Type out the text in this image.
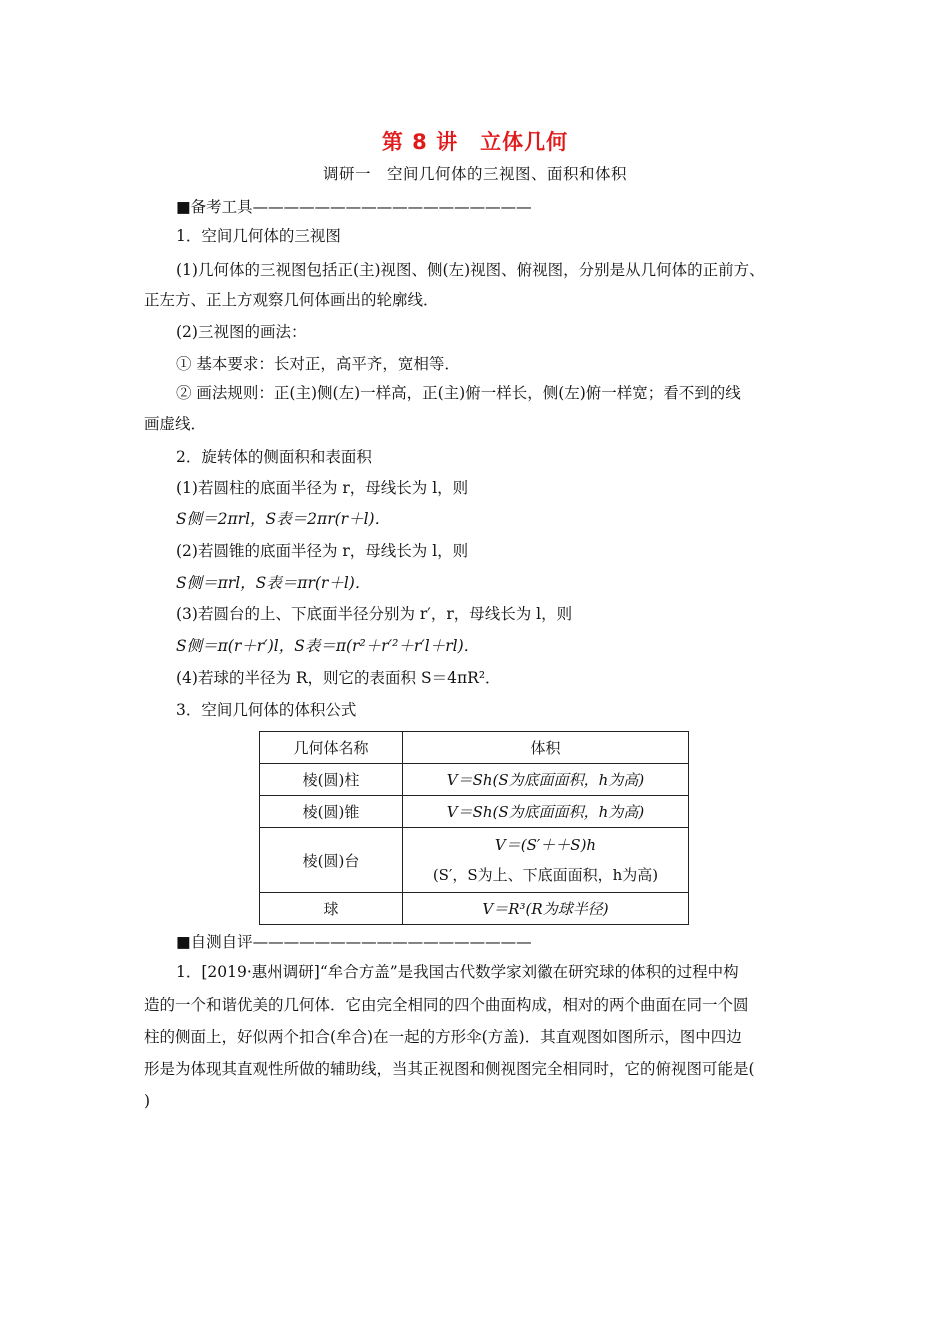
第 8 讲　立体几何
调研一　空间几何体的三视图、面积和体积
■备考工具——————————————————
1．空间几何体的三视图
(1)几何体的三视图包括正(主)视图、侧(左)视图、俯视图，分别是从几何体的正前方、
正左方、正上方观察几何体画出的轮廓线．
(2)三视图的画法：
① 基本要求：长对正，高平齐，宽相等．
② 画法规则：正(主)侧(左)一样高，正(主)俯一样长，侧(左)俯一样宽；看不到的线
画虚线．
2．旋转体的侧面积和表面积
(1)若圆柱的底面半径为 r，母线长为 l，则
S侧＝2πrl，S表＝2πr(r＋l)．
(2)若圆锥的底面半径为 r，母线长为 l，则
S侧＝πrl，S表＝πr(r＋l)．
(3)若圆台的上、下底面半径分别为 r′，r，母线长为 l，则
S侧＝π(r＋r′)l，S表＝π(r²＋r′²＋r′l＋rl)．
(4)若球的半径为 R，则它的表面积 S＝4πR²．
3．空间几何体的体积公式
几何体名称	体积
棱(圆)柱	V＝Sh(S为底面面积，h为高)
棱(圆)锥	V＝Sh(S为底面面积，h为高)
棱(圆)台	V＝(S′＋＋S)h
(S′，S为上、下底面面积，h为高)

球	V＝R³(R为球半径)
■自测自评——————————————————
1．[2019·惠州调研]“牟合方盖”是我国古代数学家刘徽在研究球的体积的过程中构
造的一个和谐优美的几何体．它由完全相同的四个曲面构成，相对的两个曲面在同一个圆
柱的侧面上，好似两个扣合(牟合)在一起的方形伞(方盖)．其直观图如图所示，图中四边
形是为体现其直观性所做的辅助线，当其正视图和侧视图完全相同时，它的俯视图可能是(
)
